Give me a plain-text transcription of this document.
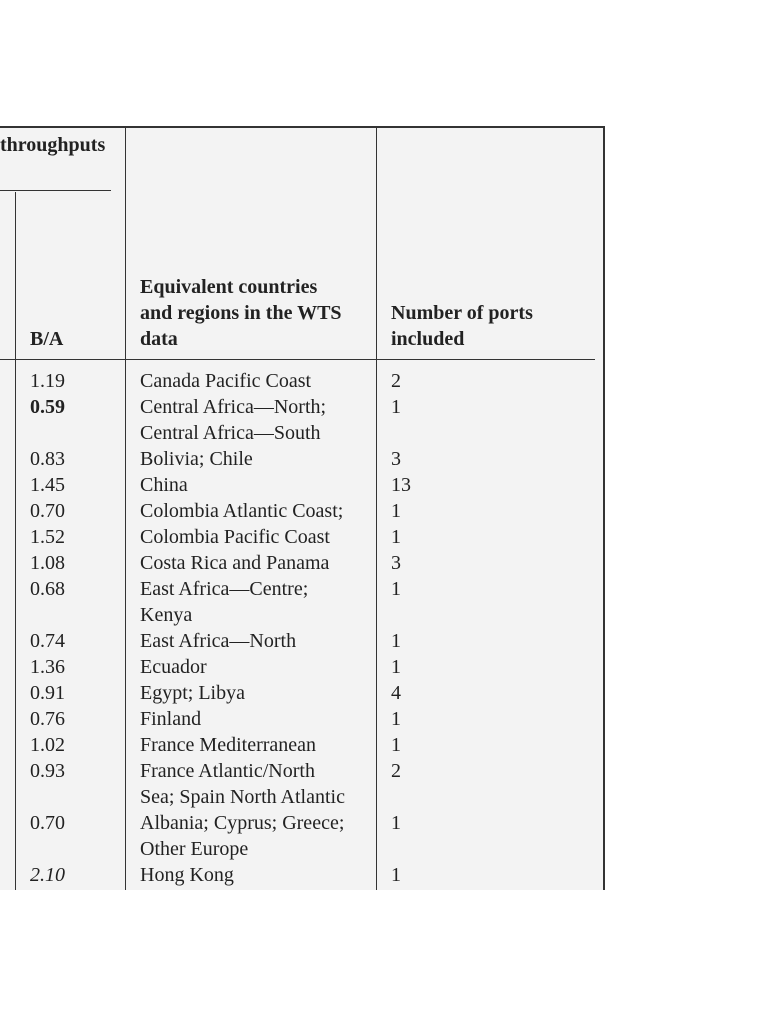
throughputs
B/A
Equivalent countries
and regions in the WTS
data
Number of ports
included
1.19
0.59
0.83
1.45
0.70
1.52
1.08
0.68
0.74
1.36
0.91
0.76
1.02
0.93
0.70
2.10
Canada Pacific Coast
Central Africa—North;
Central Africa—South
Bolivia; Chile
China
Colombia Atlantic Coast;
Colombia Pacific Coast
Costa Rica and Panama
East Africa—Centre;
Kenya
East Africa—North
Ecuador
Egypt; Libya
Finland
France Mediterranean
France Atlantic/North
Sea; Spain North Atlantic
Albania; Cyprus; Greece;
Other Europe
Hong Kong
2
1
3
13
1
1
3
1
1
1
4
1
1
2
1
1
